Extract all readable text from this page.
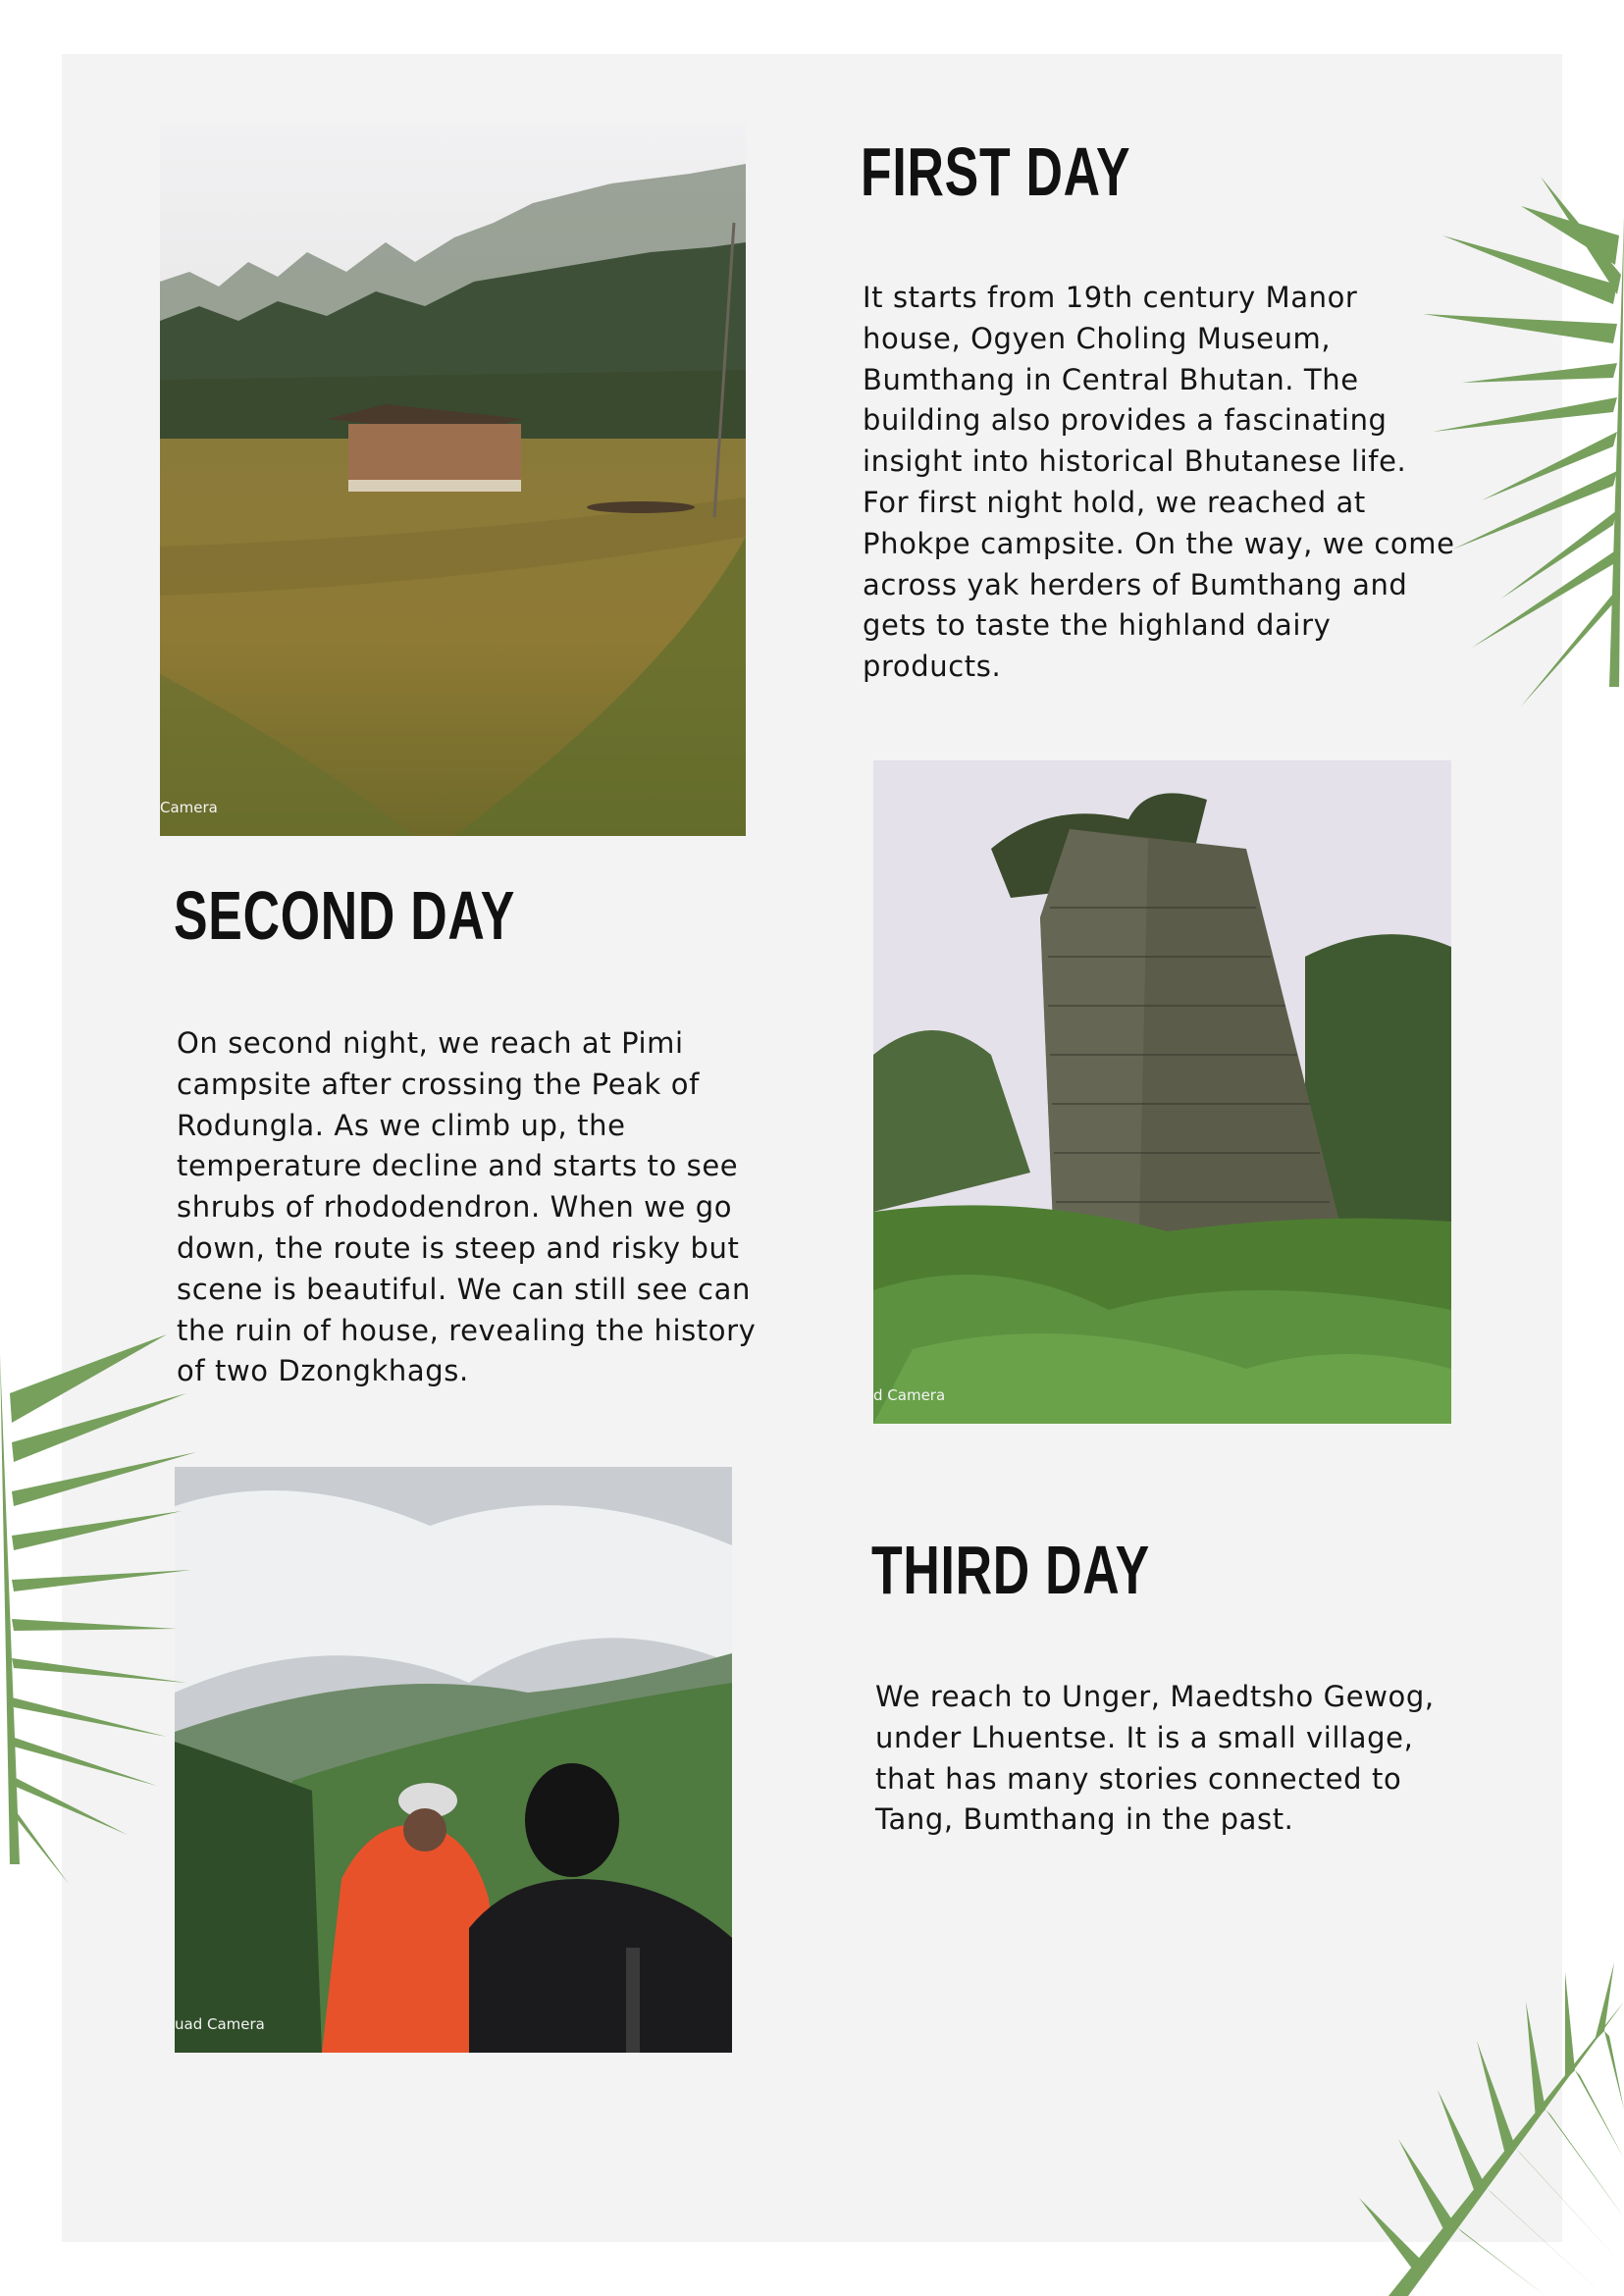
Camera
FIRST DAY

It starts from 19th century Manor house, Ogyen Choling Museum, Bumthang in Central Bhutan. The building also provides a fascinating insight into historical Bhutanese life. For first night hold, we reached at Phokpe campsite. On the way, we come across yak herders of Bumthang and gets to taste the highland dairy products.

d Camera
SECOND DAY

On second night, we reach at Pimi campsite after crossing the Peak of Rodungla. As we climb up, the temperature decline and starts to see shrubs of rhododendron. When we go down, the route is steep and risky but scene is beautiful. We can still see can the ruin of house, revealing the history of two Dzongkhags.

uad Camera
THIRD DAY

We reach to Unger, Maedtsho Gewog, under Lhuentse. It is a small village, that has many stories connected to Tang, Bumthang in the past.
